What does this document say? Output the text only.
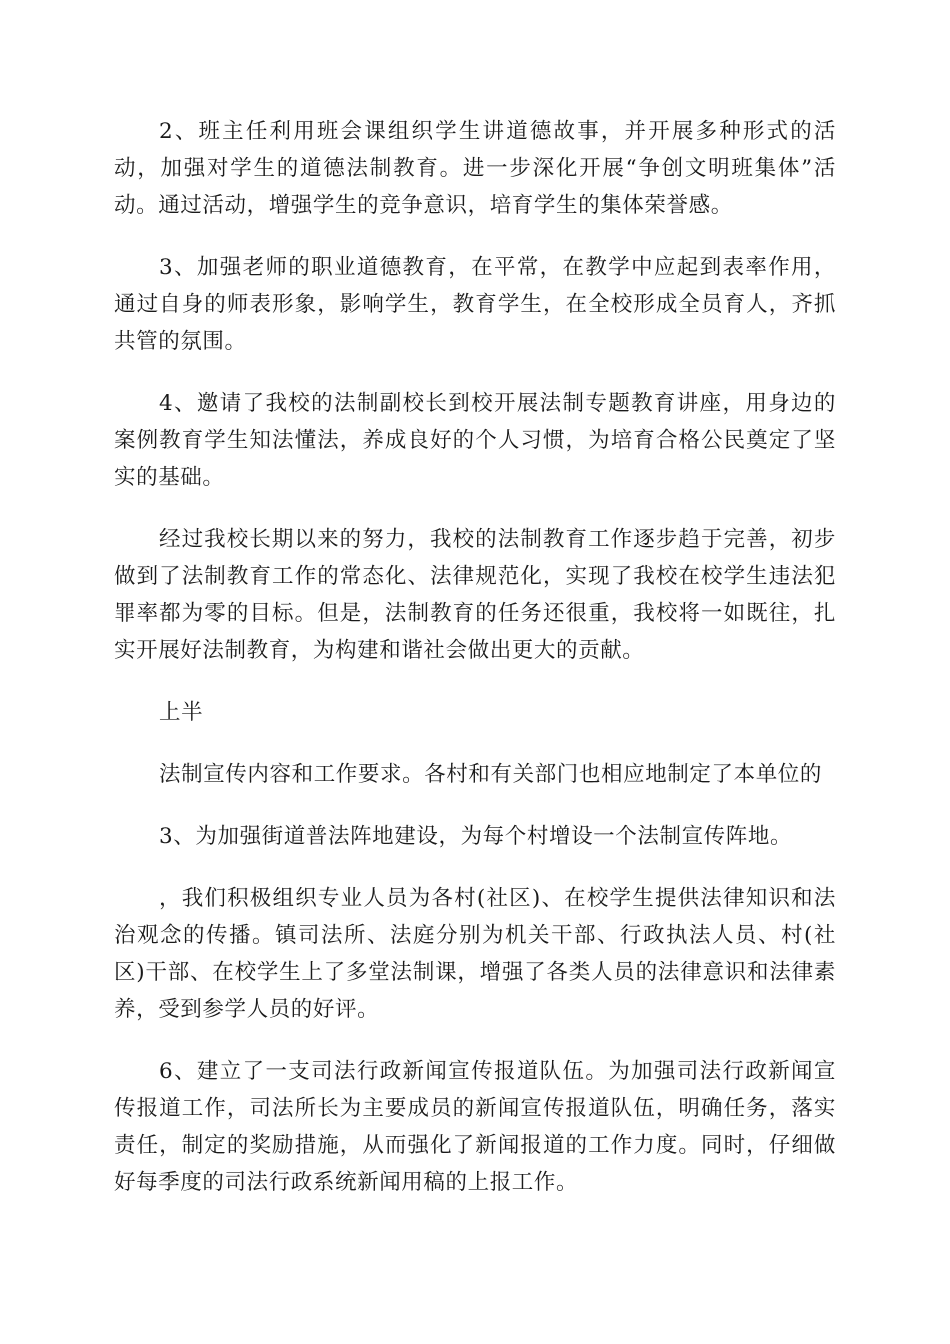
2、班主任利用班会课组织学生讲道德故事，并开展多种形式的活动，加强对学生的道德法制教育。进一步深化开展“争创文明班集体”活动。通过活动，增强学生的竞争意识，培育学生的集体荣誉感。

3、加强老师的职业道德教育，在平常，在教学中应起到表率作用，通过自身的师表形象，影响学生，教育学生，在全校形成全员育人，齐抓共管的氛围。

4、邀请了我校的法制副校长到校开展法制专题教育讲座，用身边的案例教育学生知法懂法，养成良好的个人习惯，为培育合格公民奠定了坚实的基础。

经过我校长期以来的努力，我校的法制教育工作逐步趋于完善，初步做到了法制教育工作的常态化、法律规范化，实现了我校在校学生违法犯罪率都为零的目标。但是，法制教育的任务还很重，我校将一如既往，扎实开展好法制教育，为构建和谐社会做出更大的贡献。

上半

法制宣传内容和工作要求。各村和有关部门也相应地制定了本单位的

3、为加强街道普法阵地建设，为每个村增设一个法制宣传阵地。

，我们积极组织专业人员为各村(社区)、在校学生提供法律知识和法治观念的传播。镇司法所、法庭分别为机关干部、行政执法人员、村(社区)干部、在校学生上了多堂法制课，增强了各类人员的法律意识和法律素养，受到参学人员的好评。

6、建立了一支司法行政新闻宣传报道队伍。为加强司法行政新闻宣传报道工作，司法所长为主要成员的新闻宣传报道队伍，明确任务，落实责任，制定的奖励措施，从而强化了新闻报道的工作力度。同时，仔细做好每季度的司法行政系统新闻用稿的上报工作。
